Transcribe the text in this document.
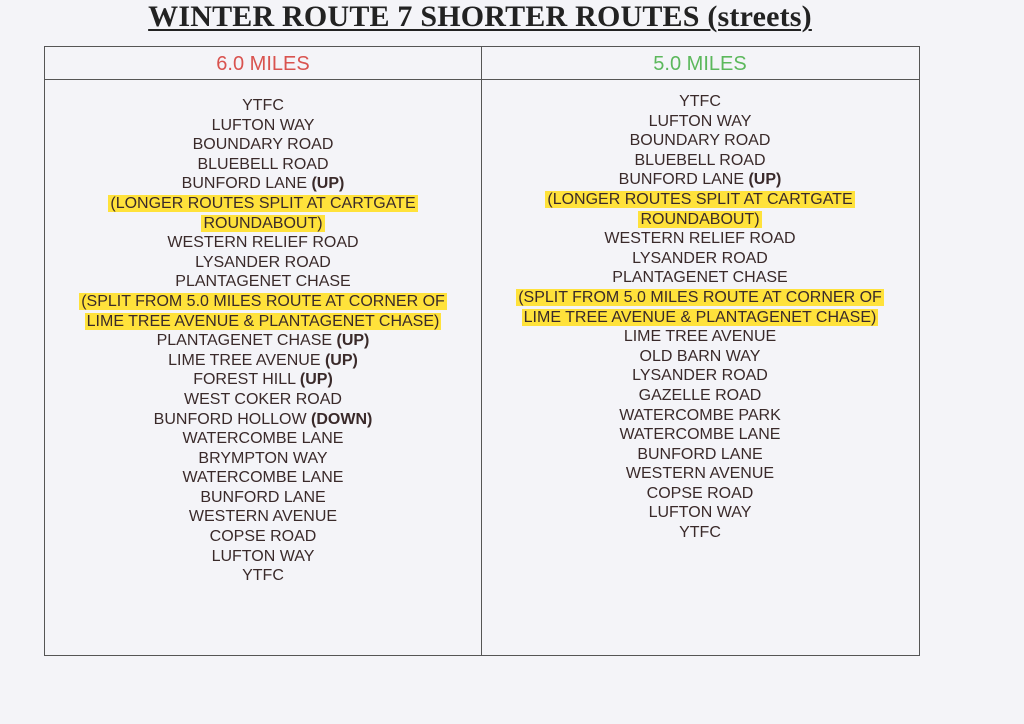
WINTER ROUTE 7 SHORTER ROUTES (streets)
6.0 MILES
YTFC
LUFTON WAY
BOUNDARY ROAD
BLUEBELL ROAD
BUNFORD LANE (UP)
(LONGER ROUTES SPLIT AT CARTGATE ROUNDABOUT)
WESTERN RELIEF ROAD
LYSANDER ROAD
PLANTAGENET CHASE
(SPLIT FROM 5.0 MILES ROUTE AT CORNER OF LIME TREE AVENUE & PLANTAGENET CHASE)
PLANTAGENET CHASE (UP)
LIME TREE AVENUE (UP)
FOREST HILL (UP)
WEST COKER ROAD
BUNFORD HOLLOW (DOWN)
WATERCOMBE LANE
BRYMPTON WAY
WATERCOMBE LANE
BUNFORD LANE
WESTERN AVENUE
COPSE ROAD
LUFTON WAY
YTFC
5.0 MILES
YTFC
LUFTON WAY
BOUNDARY ROAD
BLUEBELL ROAD
BUNFORD LANE (UP)
(LONGER ROUTES SPLIT AT CARTGATE ROUNDABOUT)
WESTERN RELIEF ROAD
LYSANDER ROAD
PLANTAGENET CHASE
(SPLIT FROM 5.0 MILES ROUTE AT CORNER OF LIME TREE AVENUE & PLANTAGENET CHASE)
LIME TREE AVENUE
OLD BARN WAY
LYSANDER ROAD
GAZELLE ROAD
WATERCOMBE PARK
WATERCOMBE LANE
BUNFORD LANE
WESTERN AVENUE
COPSE ROAD
LUFTON WAY
YTFC
